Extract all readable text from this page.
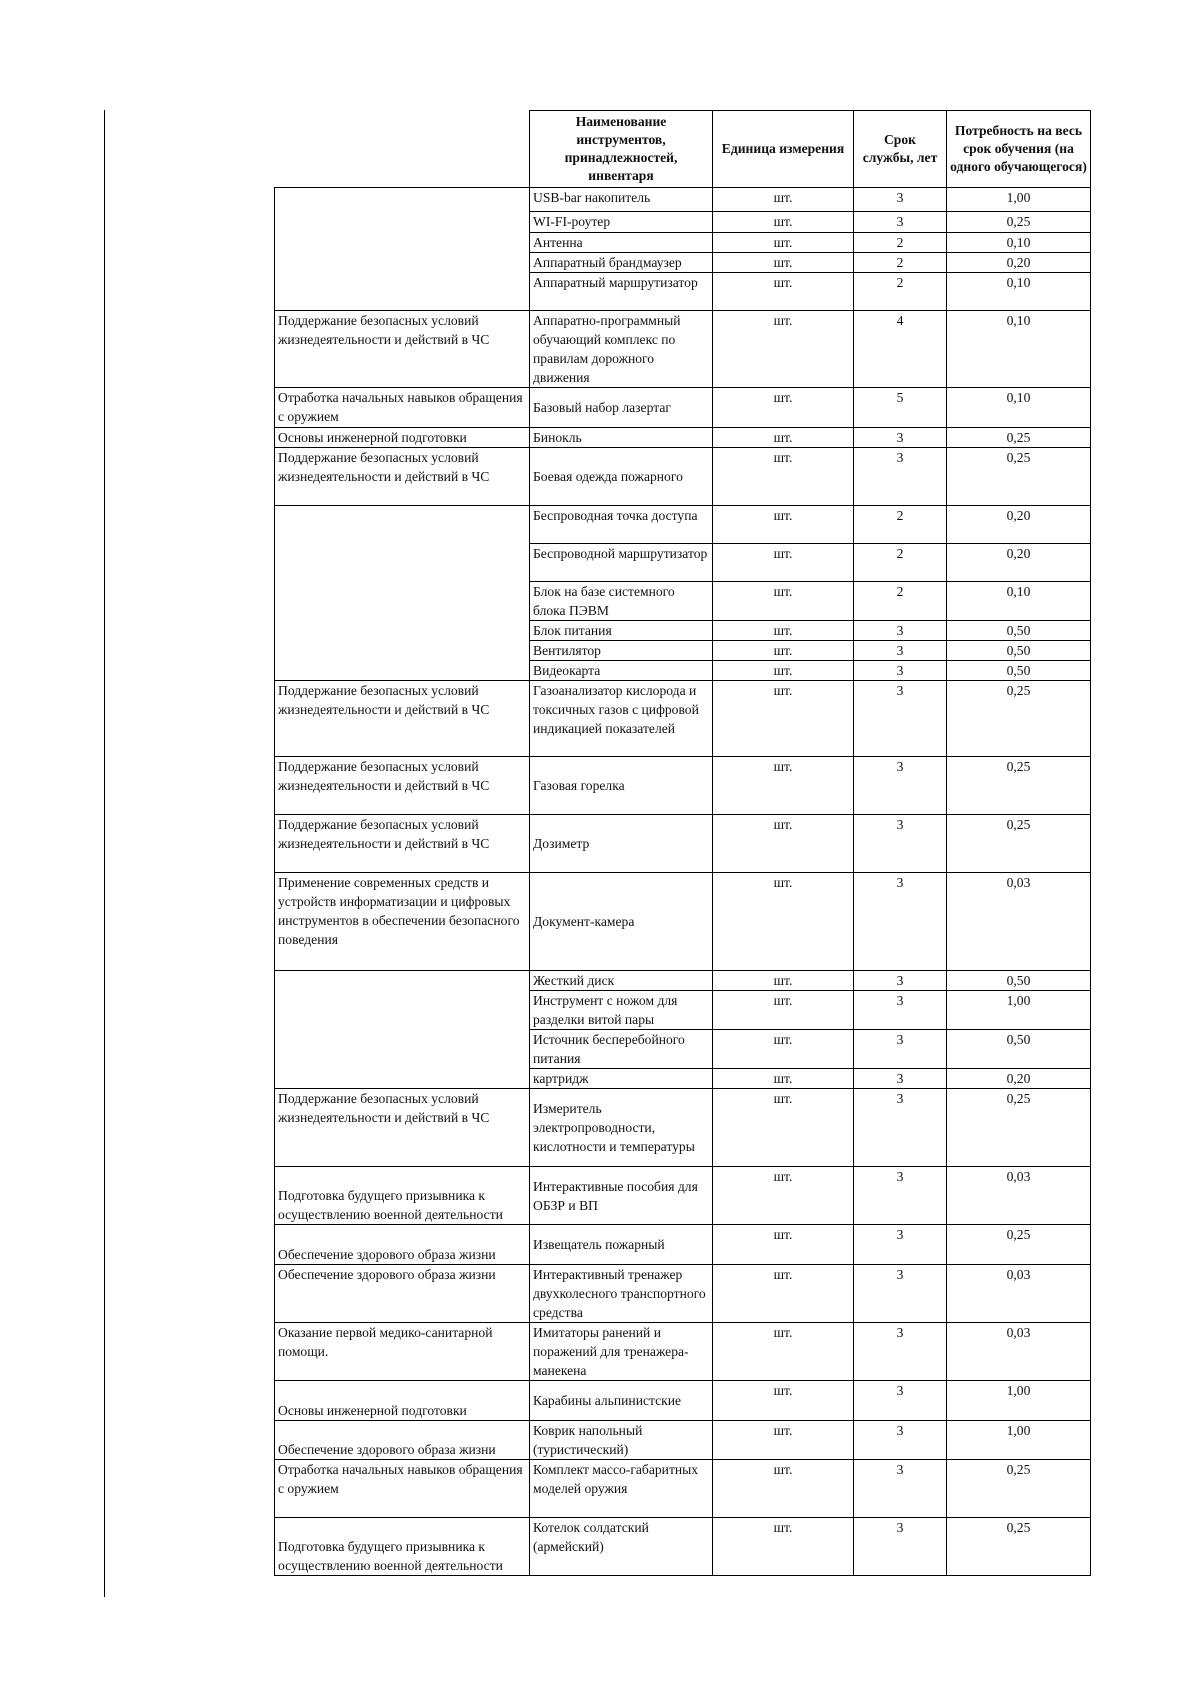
	Наименование инструментов, принадлежностей, инвентаря	Единица измерения	Срок службы, лет	Потребность на весь срок обучения (на одного обучающегося)
	USB-bar накопитель	шт.	3	1,00
	WI-FI-роутер	шт.	3	0,25
	Антенна	шт.	2	0,10
	Аппаратный брандмаузер	шт.	2	0,20
	Аппаратный маршрутизатор	шт.	2	0,10
Поддержание безопасных условий жизнедеятельности и действий в ЧС	Аппаратно-программный обучающий комплекс по правилам дорожного движения	шт.	4	0,10
Отработка начальных навыков обращения с оружием	Базовый набор лазертаг	шт.	5	0,10
Основы инженерной подготовки	Бинокль	шт.	3	0,25
Поддержание безопасных условий жизнедеятельности и действий в ЧС	Боевая одежда пожарного	шт.	3	0,25
	Беспроводная точка доступа	шт.	2	0,20
	Беспроводной маршрутизатор	шт.	2	0,20
	Блок на базе системного блока ПЭВМ	шт.	2	0,10
	Блок питания	шт.	3	0,50
	Вентилятор	шт.	3	0,50
	Видеокарта	шт.	3	0,50
Поддержание безопасных условий жизнедеятельности и действий в ЧС	Газоанализатор кислорода и токсичных газов с цифровой индикацией показателей	шт.	3	0,25
Поддержание безопасных условий жизнедеятельности и действий в ЧС	Газовая горелка	шт.	3	0,25
Поддержание безопасных условий жизнедеятельности и действий в ЧС	Дозиметр	шт.	3	0,25
Применение современных средств и устройств информатизации и цифровых инструментов в обеспечении безопасного поведения	Документ-камера	шт.	3	0,03
	Жесткий диск	шт.	3	0,50
	Инструмент с ножом для разделки витой пары	шт.	3	1,00
	Источник бесперебойного питания	шт.	3	0,50
	картридж	шт.	3	0,20
Поддержание безопасных условий жизнедеятельности и действий в ЧС	Измеритель электропроводности, кислотности и температуры	шт.	3	0,25
Подготовка будущего призывника к осуществлению военной деятельности	Интерактивные пособия для ОБЗР и ВП	шт.	3	0,03
Обеспечение здорового образа жизни	Извещатель пожарный	шт.	3	0,25
Обеспечение здорового образа жизни	Интерактивный тренажер двухколесного транспортного средства	шт.	3	0,03
Оказание первой медико-санитарной помощи.	Имитаторы ранений и поражений для тренажера-манекена	шт.	3	0,03
Основы инженерной подготовки	Карабины альпинистские	шт.	3	1,00
Обеспечение здорового образа жизни	Коврик напольный (туристический)	шт.	3	1,00
Отработка начальных навыков обращения с оружием	Комплект массо-габаритных моделей оружия	шт.	3	0,25
Подготовка будущего призывника к осуществлению военной деятельности	Котелок солдатский (армейский)	шт.	3	0,25
